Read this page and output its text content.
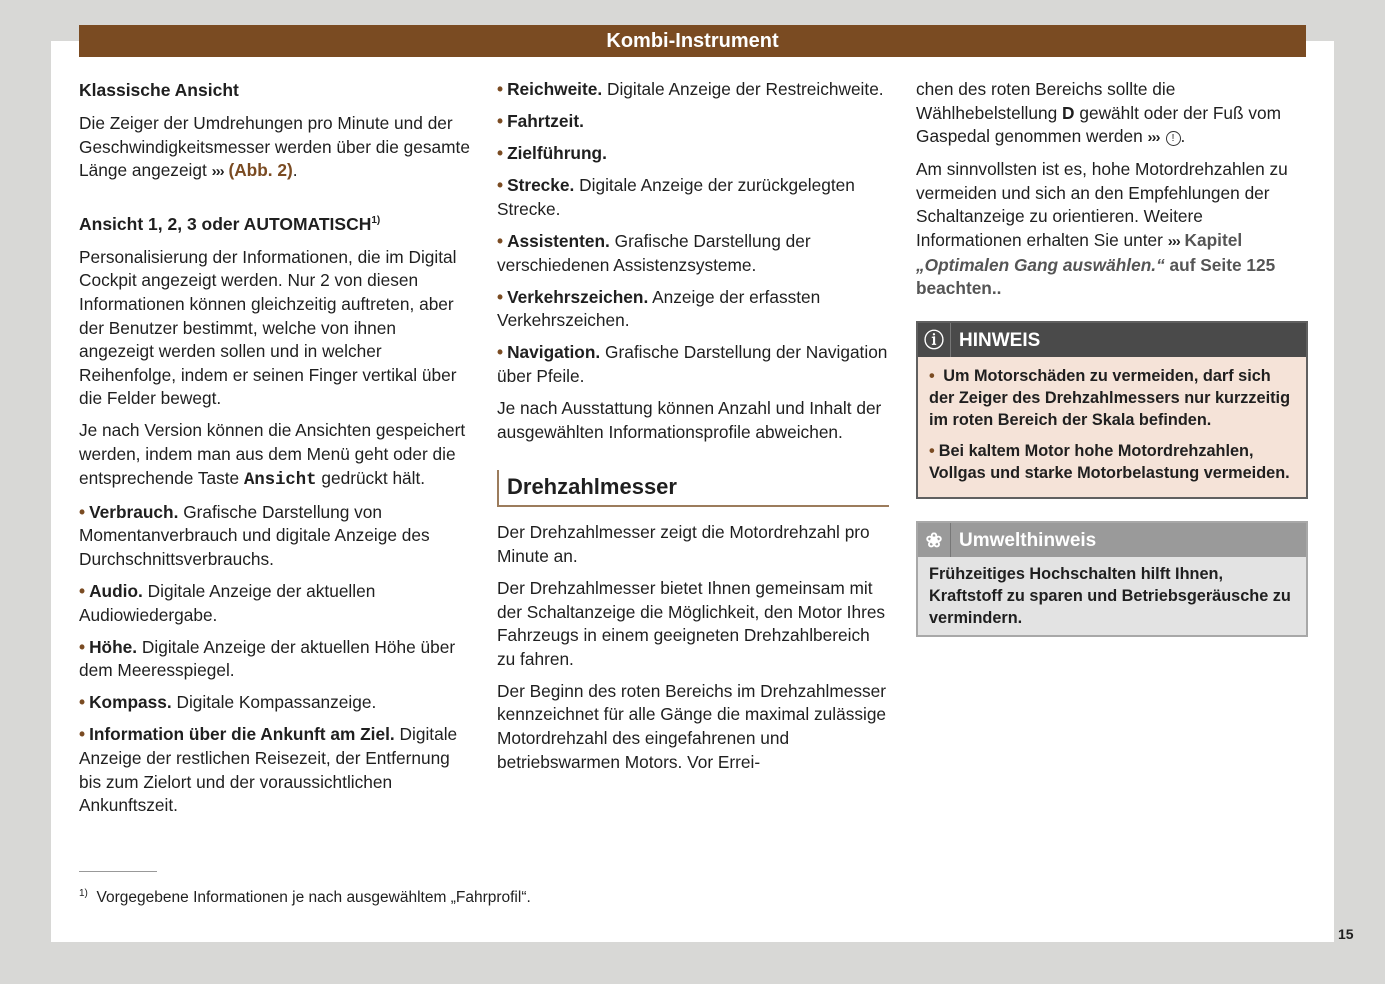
Kombi-Instrument
Klassische Ansicht

Die Zeiger der Umdrehungen pro Minute und der Geschwindigkeitsmesser werden über die gesamte Länge angezeigt ››› (Abb. 2).

Ansicht 1, 2, 3 oder AUTOMATISCH$^{1)}$

Personalisierung der Informationen, die im Digital Cockpit angezeigt werden. Nur 2 von diesen Informationen können gleichzeitig auftreten, aber der Benutzer bestimmt, welche von ihnen angezeigt werden sollen und in welcher Reihenfolge, indem er seinen Finger vertikal über die Felder bewegt.

Je nach Version können die Ansichten gespeichert werden, indem man aus dem Menü geht oder die entsprechende Taste Ansicht gedrückt hält.

• Verbrauch. Grafische Darstellung von Momentanverbrauch und digitale Anzeige des Durchschnittsverbrauchs.

• Audio. Digitale Anzeige der aktuellen Audiowiedergabe.

• Höhe. Digitale Anzeige der aktuellen Höhe über dem Meeresspiegel.

• Kompass. Digitale Kompassanzeige.

• Information über die Ankunft am Ziel. Digitale Anzeige der restlichen Reisezeit, der Entfernung bis zum Zielort und der voraussichtlichen Ankunftszeit.

• Reichweite. Digitale Anzeige der Restreichweite.

• Fahrtzeit.

• Zielführung.

• Strecke. Digitale Anzeige der zurückgelegten Strecke.

• Assistenten. Grafische Darstellung der verschiedenen Assistenzsysteme.

• Verkehrszeichen. Anzeige der erfassten Verkehrszeichen.

• Navigation. Grafische Darstellung der Navigation über Pfeile.

Je nach Ausstattung können Anzahl und Inhalt der ausgewählten Informationsprofile abweichen.

Drehzahlmesser

Der Drehzahlmesser zeigt die Motordrehzahl pro Minute an.

Der Drehzahlmesser bietet Ihnen gemeinsam mit der Schaltanzeige die Möglichkeit, den Motor Ihres Fahrzeugs in einem geeigneten Drehzahlbereich zu fahren.

Der Beginn des roten Bereichs im Drehzahlmesser kennzeichnet für alle Gänge die maximal zulässige Motordrehzahl des eingefahrenen und betriebswarmen Motors. Vor Errei-

chen des roten Bereichs sollte die Wählhebelstellung D gewählt oder der Fuß vom Gaspedal genommen werden ››› ! .

Am sinnvollsten ist es, hohe Motordrehzahlen zu vermeiden und sich an den Empfehlungen der Schaltanzeige zu orientieren. Weitere Informationen erhalten Sie unter ››› Kapitel „Optimalen Gang auswählen.“ auf Seite 125 beachten..

ⓘ HINWEIS

• Um Motorschäden zu vermeiden, darf sich der Zeiger des Drehzahlmessers nur kurzzeitig im roten Bereich der Skala befinden.

• Bei kaltem Motor hohe Motordrehzahlen, Vollgas und starke Motorbelastung vermeiden.

❀ Umwelthinweis
Frühzeitiges Hochschalten hilft Ihnen, Kraftstoff zu sparen und Betriebsgeräusche zu vermindern.
$^{1)}$ Vorgegebene Informationen je nach ausgewähltem „Fahrprofil“.
15
